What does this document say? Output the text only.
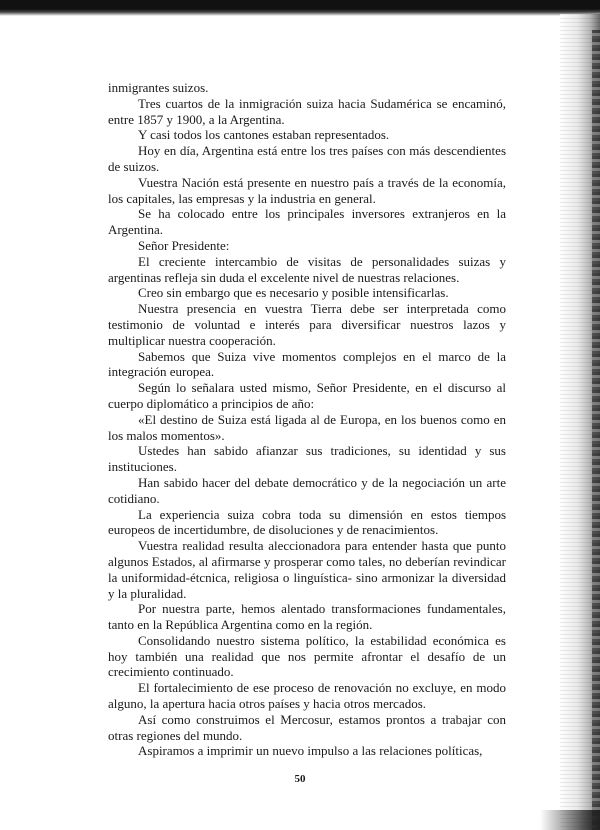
inmigrantes suizos.

Tres cuartos de la inmigración suiza hacia Sudamérica se encaminó, entre 1857 y 1900, a la Argentina.

Y casi todos los cantones estaban representados.

Hoy en día, Argentina está entre los tres países con más descendientes de suizos.

Vuestra Nación está presente en nuestro país a través de la economía, los capitales, las empresas y la industria en general.

Se ha colocado entre los principales inversores extranjeros en la Argentina.

Señor Presidente:

El creciente intercambio de visitas de personalidades suizas y argentinas refleja sin duda el excelente nivel de nuestras relaciones.

Creo sin embargo que es necesario y posible intensificarlas.

Nuestra presencia en vuestra Tierra debe ser interpretada como testimonio de voluntad e interés para diversificar nuestros lazos y multiplicar nuestra cooperación.

Sabemos que Suiza vive momentos complejos en el marco de la integración europea.

Según lo señalara usted mismo, Señor Presidente, en el discurso al cuerpo diplomático a principios de año:

«El destino de Suiza está ligada al de Europa, en los buenos como en los malos momentos».

Ustedes han sabido afianzar sus tradiciones, su identidad y sus instituciones.

Han sabido hacer del debate democrático y de la negociación un arte cotidiano.

La experiencia suiza cobra toda su dimensión en estos tiempos europeos de incertidumbre, de disoluciones y de renacimientos.

Vuestra realidad resulta aleccionadora para entender hasta que punto algunos Estados, al afirmarse y prosperar como tales, no deberían revindicar la uniformidad-étcnica, religiosa o linguística- sino armonizar la diversidad y la pluralidad.

Por nuestra parte, hemos alentado transformaciones fundamentales, tanto en la República Argentina como en la región.

Consolidando nuestro sistema político, la estabilidad económica es hoy también una realidad que nos permite afrontar el desafío de un crecimiento continuado.

El fortalecimiento de ese proceso de renovación no excluye, en modo alguno, la apertura hacia otros países y hacia otros mercados.

Así como construimos el Mercosur, estamos prontos a trabajar con otras regiones del mundo.

Aspiramos a imprimir un nuevo impulso a las relaciones políticas,

50
